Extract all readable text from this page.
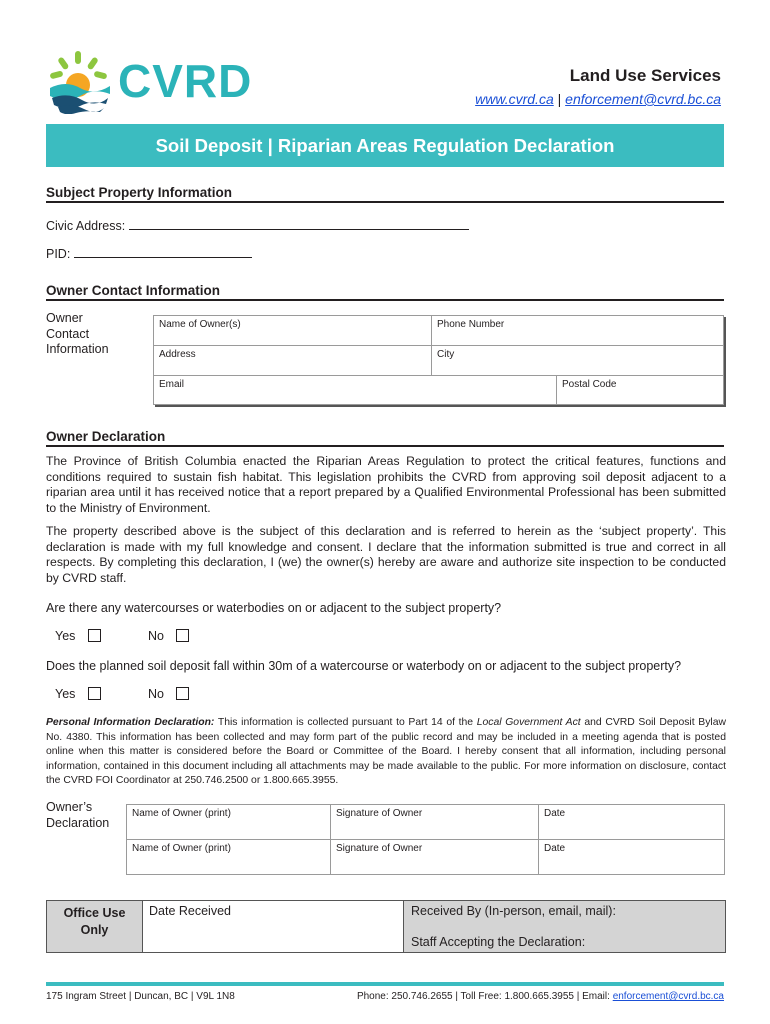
CVRD	Land Use Services
www.cvrd.ca | enforcement@cvrd.bc.ca
Soil Deposit | Riparian Areas Regulation Declaration
Subject Property Information
Civic Address:
PID:
Owner Contact Information
Owner
Contact
Information
Name of Owner(s)	Phone Number
Address	City
Email	Postal Code
Owner Declaration

The Province of British Columbia enacted the Riparian Areas Regulation to protect the critical features, functions and conditions required to sustain fish habitat. This legislation prohibits the CVRD from approving soil deposit adjacent to a riparian area until it has received notice that a report prepared by a Qualified Environmental Professional has been submitted to the Ministry of Environment.

The property described above is the subject of this declaration and is referred to herein as the ‘subject property’. This declaration is made with my full knowledge and consent. I declare that the information submitted is true and correct in all respects. By completing this declaration, I (we) the owner(s) hereby are aware and authorize site inspection to be conducted by CVRD staff.

Are there any watercourses or waterbodies on or adjacent to the subject property?
Yes	No
Does the planned soil deposit fall within 30m of a watercourse or waterbody on or adjacent to the subject property?
Yes	No
Personal Information Declaration: This information is collected pursuant to Part 14 of the Local Government Act and CVRD Soil Deposit Bylaw No. 4380. This information has been collected and may form part of the public record and may be included in a meeting agenda that is posted online when this matter is considered before the Board or Committee of the Board. I hereby consent that all information, including personal information, contained in this document including all attachments may be made available to the public. For more information on disclosure, contact the CVRD FOI Coordinator at 250.746.2500 or 1.800.665.3955.
Owner’s
Declaration
Name of Owner (print)	Signature of Owner	Date
Name of Owner (print)	Signature of Owner	Date
Office Use
Only
Date Received	Received By (In-person, email, mail):
Staff Accepting the Declaration:
175 Ingram Street | Duncan, BC | V9L 1N8	Phone: 250.746.2655 | Toll Free: 1.800.665.3955 | Email: enforcement@cvrd.bc.ca
